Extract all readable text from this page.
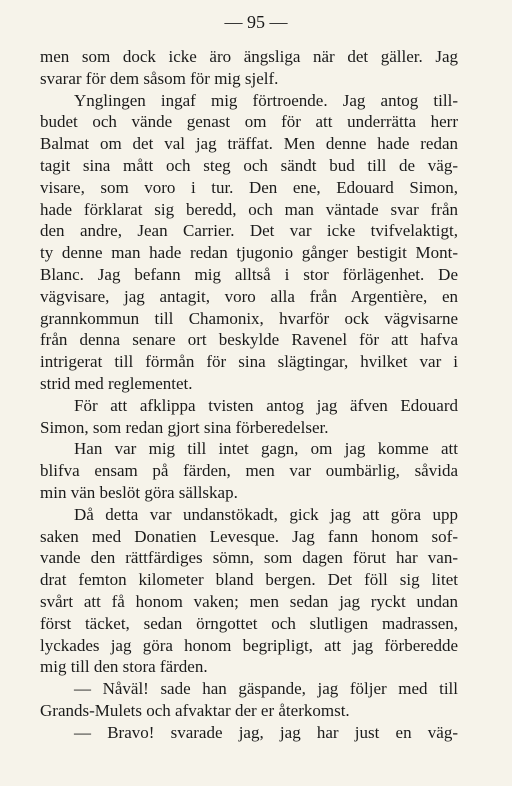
— 95 —
men som dock icke äro ängsliga när det gäller. Jag
svarar för dem såsom för mig sjelf.
Ynglingen ingaf mig förtroende. Jag antog till-
budet och vände genast om för att underrätta herr
Balmat om det val jag träffat. Men denne hade redan
tagit sina mått och steg och sändt bud till de väg-
visare, som voro i tur. Den ene, Edouard Simon,
hade förklarat sig beredd, och man väntade svar från
den andre, Jean Carrier. Det var icke tvifvelaktigt,
ty denne man hade redan tjugonio gånger bestigit Mont-
Blanc. Jag befann mig alltså i stor förlägenhet. De
vägvisare, jag antagit, voro alla från Argentière, en
grannkommun till Chamonix, hvarför ock vägvisarne
från denna senare ort beskylde Ravenel för att hafva
intrigerat till förmån för sina slägtingar, hvilket var i
strid med reglementet.
För att afklippa tvisten antog jag äfven Edouard
Simon, som redan gjort sina förberedelser.
Han var mig till intet gagn, om jag komme att
blifva ensam på färden, men var oumbärlig, såvida
min vän beslöt göra sällskap.
Då detta var undanstökadt, gick jag att göra upp
saken med Donatien Levesque. Jag fann honom sof-
vande den rättfärdiges sömn, som dagen förut har van-
drat femton kilometer bland bergen. Det föll sig litet
svårt att få honom vaken; men sedan jag ryckt undan
först täcket, sedan örngottet och slutligen madrassen,
lyckades jag göra honom begripligt, att jag förberedde
mig till den stora färden.
— Nåväl! sade han gäspande, jag följer med till
Grands-Mulets och afvaktar der er återkomst.
— Bravo! svarade jag, jag har just en väg-
